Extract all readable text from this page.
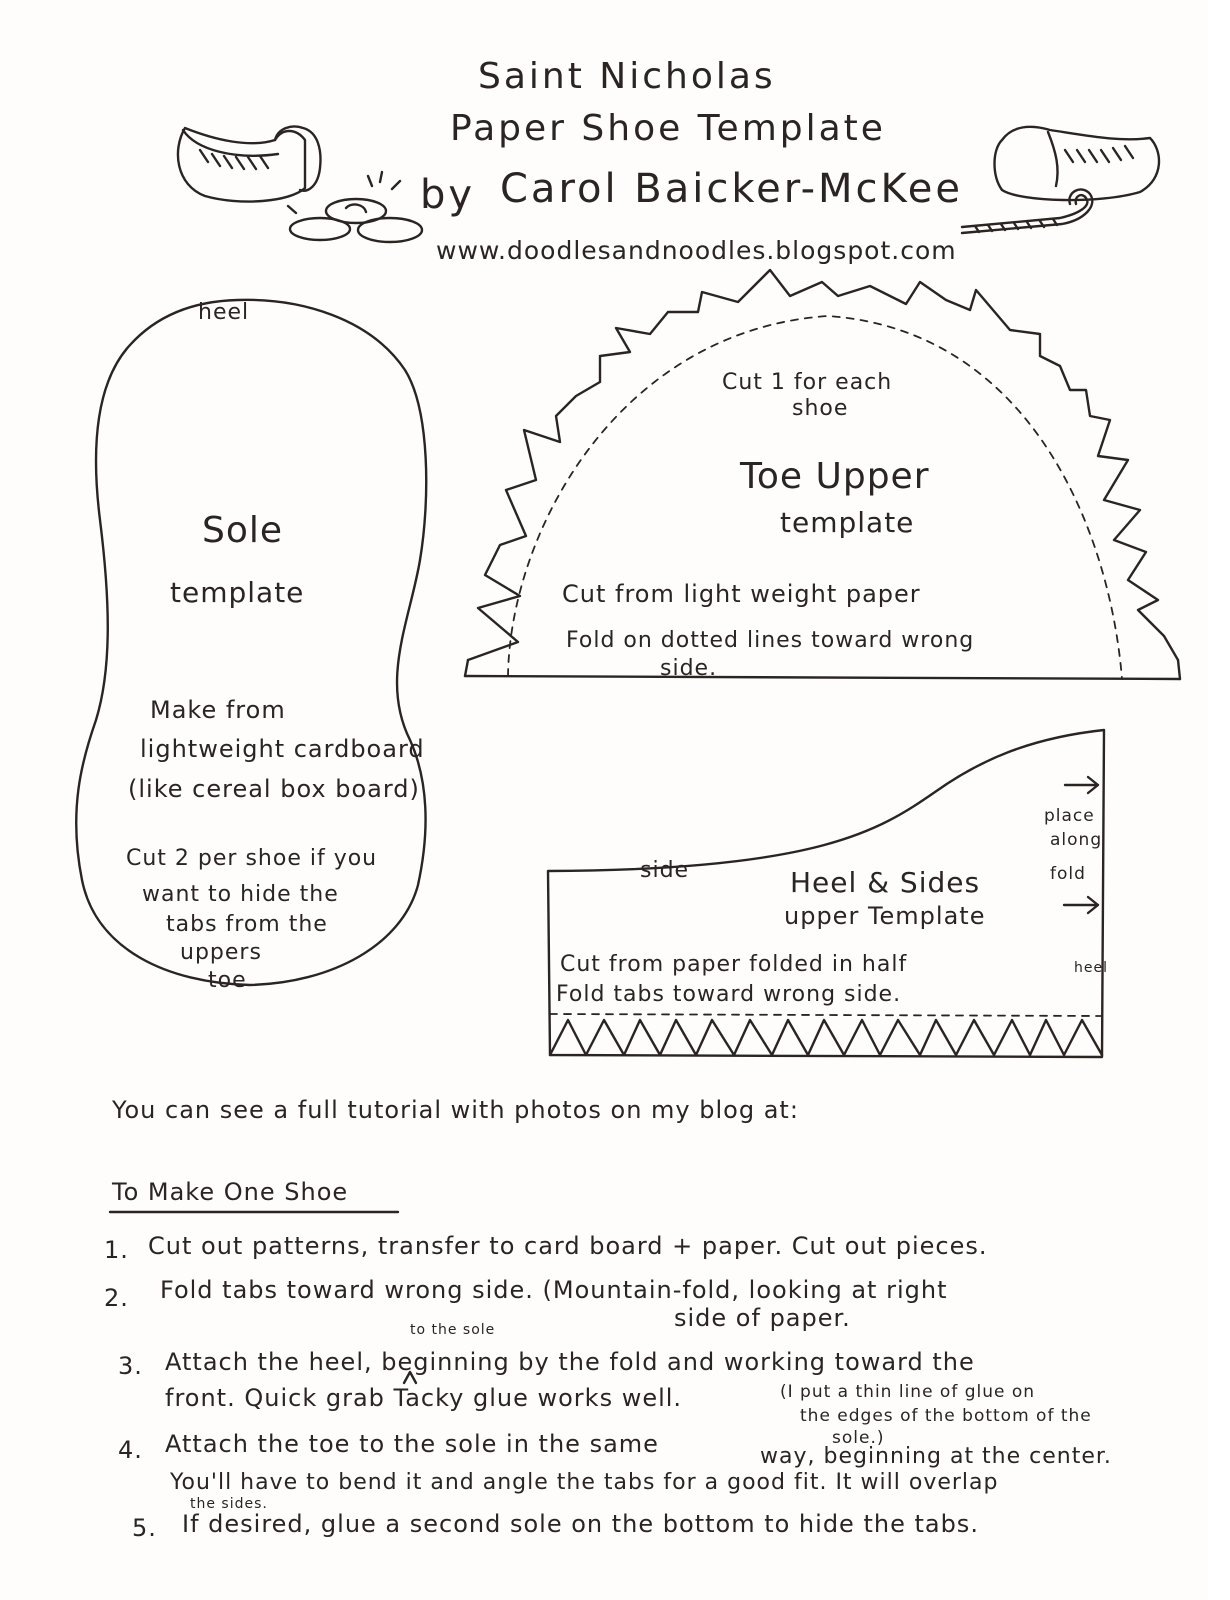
Saint Nicholas
Paper Shoe Template
by Carol Baicker-McKee
www.doodlesandnoodles.blogspot.com
heel
Sole
template
Make from
lightweight cardboard
(like cereal box board)
Cut 2 per shoe if you
want to hide the
tabs from the
uppers
toe
Cut 1 for each
shoe
Toe Upper
template
Cut from light weight paper
Fold on dotted lines toward wrong
side.
side	Heel & Sides
upper Template
place
along
fold
heel
Cut from paper folded in half
Fold tabs toward wrong side.
You can see a full tutorial with photos on my blog at:
To Make One Shoe
1. Cut out patterns, transfer to card board + paper. Cut out pieces.
2. Fold tabs toward wrong side. (Mountain-fold, looking at right
side of paper.
to the sole
3. Attach the heel, beginning by the fold and working toward the
front. Quick grab Tacky glue works well.	(I put a thin line of glue on
the edges of the bottom of the
sole.)
4. Attach the toe to the sole in the same	way, beginning at the center.
You'll have to bend it and angle the tabs for a good fit. It will overlap
the sides.
5. If desired, glue a second sole on the bottom to hide the tabs.
